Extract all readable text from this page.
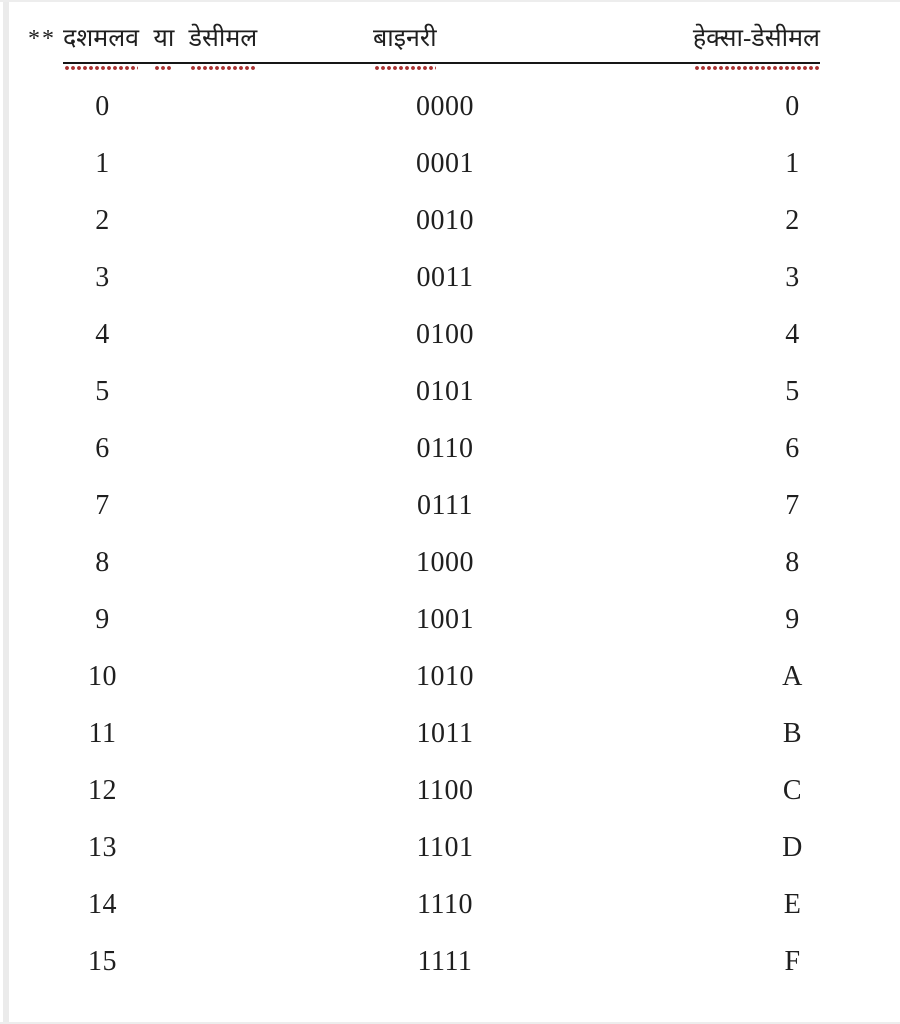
** दशमलव या डेसीमल	बाइनरी	हेक्सा-डेसीमल
0	0000	0
1	0001	1
2	0010	2
3	0011	3
4	0100	4
5	0101	5
6	0110	6
7	0111	7
8	1000	8
9	1001	9
10	1010	A
11	1011	B
12	1100	C
13	1101	D
14	1110	E
15	1111	F
